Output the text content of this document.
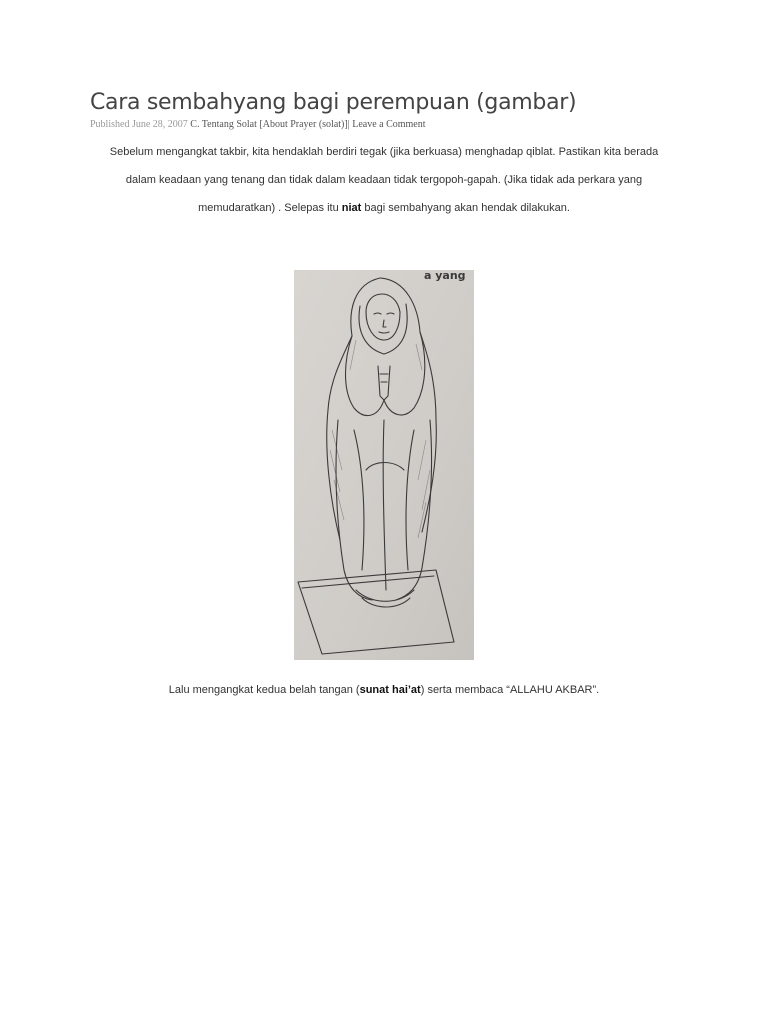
Cara sembahyang bagi perempuan (gambar)
Published June 28, 2007 C. Tentang Solat [About Prayer (solat)]| Leave a Comment
Sebelum mengangkat takbir, kita hendaklah berdiri tegak (jika berkuasa) menghadap qiblat. Pastikan kita berada
dalam keadaan yang tenang dan tidak dalam keadaan tidak tergopoh-gapah. (Jika tidak ada perkara yang
memudaratkan) . Selepas itu niat bagi sembahyang akan hendak dilakukan.
a yang
Lalu mengangkat kedua belah tangan (sunat hai’at) serta membaca “ALLAHU AKBAR”.
